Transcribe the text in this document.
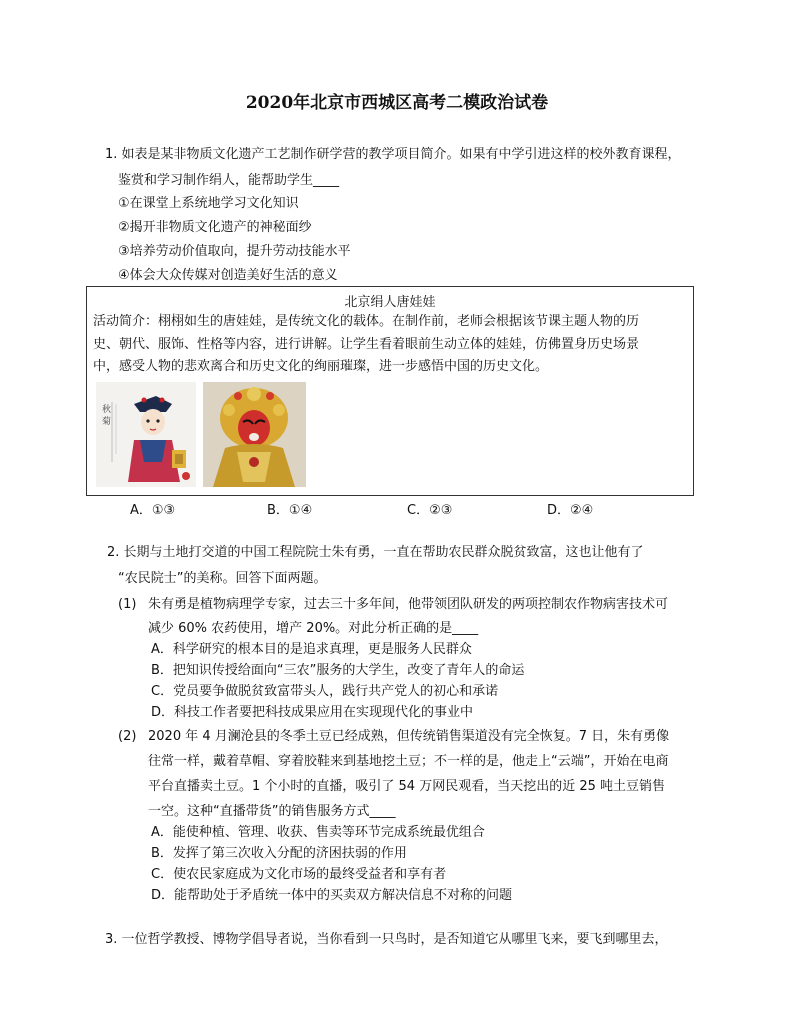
2020年北京市西城区高考二模政治试卷
1. 如表是某非物质文化遗产工艺制作研学营的教学项目简介。如果有中学引进这样的校外教育课程，
鉴赏和学习制作绢人，能帮助学生____
①在课堂上系统地学习文化知识
②揭开非物质文化遗产的神秘面纱
③培养劳动价值取向，提升劳动技能水平
④体会大众传媒对创造美好生活的意义
北京绢人唐娃娃
活动简介：栩栩如生的唐娃娃，是传统文化的载体。在制作前，老师会根据该节课主题人物的历
史、朝代、服饰、性格等内容，进行讲解。让学生看着眼前生动立体的娃娃，仿佛置身历史场景
中，感受人物的悲欢离合和历史文化的绚丽璀璨，进一步感悟中国的历史文化。
秋
菊
A．①③	B．①④	C．②③	D．②④
2. 长期与土地打交道的中国工程院院士朱有勇，一直在帮助农民群众脱贫致富，这也让他有了
“农民院士”的美称。回答下面两题。
(1) 朱有勇是植物病理学专家，过去三十多年间，他带领团队研发的两项控制农作物病害技术可
减少 60% 农药使用，增产 20%。对此分析正确的是____
A．科学研究的根本目的是追求真理，更是服务人民群众
B．把知识传授给面向“三农”服务的大学生，改变了青年人的命运
C．党员要争做脱贫致富带头人，践行共产党人的初心和承诺
D．科技工作者要把科技成果应用在实现现代化的事业中
(2) 2020 年 4 月澜沧县的冬季土豆已经成熟，但传统销售渠道没有完全恢复。7 日，朱有勇像
往常一样，戴着草帽、穿着胶鞋来到基地挖土豆；不一样的是，他走上“云端”，开始在电商
平台直播卖土豆。1 个小时的直播，吸引了 54 万网民观看，当天挖出的近 25 吨土豆销售
一空。这种“直播带货”的销售服务方式____
A．能使种植、管理、收获、售卖等环节完成系统最优组合
B．发挥了第三次收入分配的济困扶弱的作用
C．使农民家庭成为文化市场的最终受益者和享有者
D．能帮助处于矛盾统一体中的买卖双方解决信息不对称的问题
3. 一位哲学教授、博物学倡导者说，当你看到一只鸟时，是否知道它从哪里飞来，要飞到哪里去，
